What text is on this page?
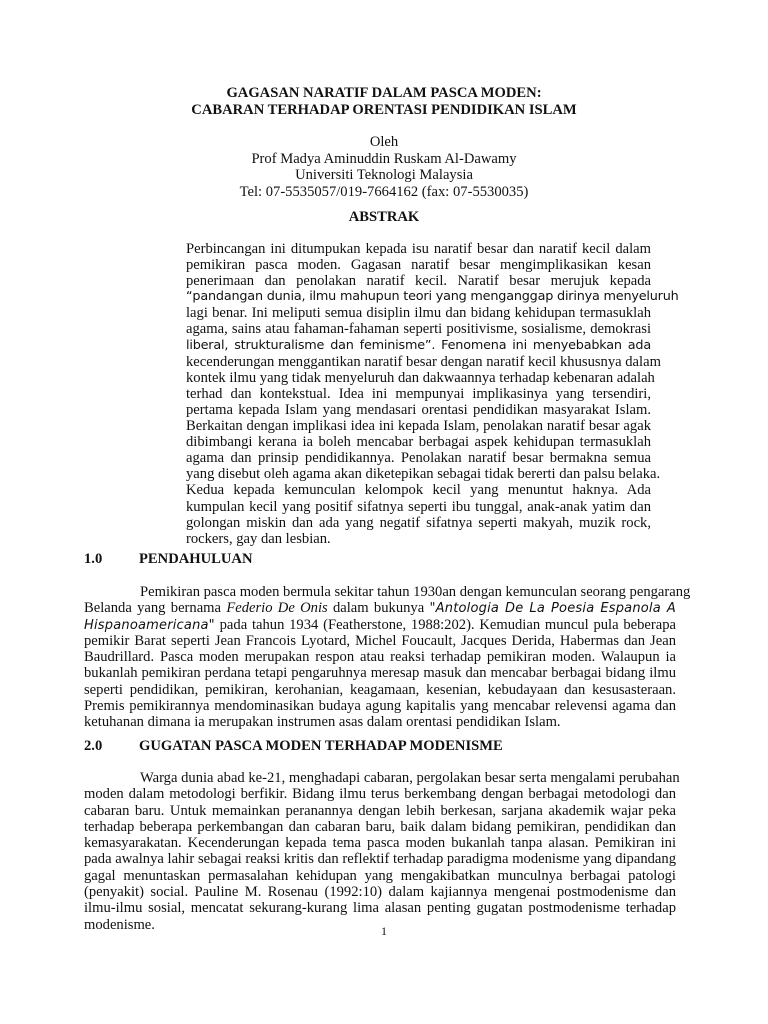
GAGASAN NARATIF DALAM PASCA MODEN:
CABARAN TERHADAP ORENTASI PENDIDIKAN ISLAM
Oleh
Prof Madya Aminuddin Ruskam Al-Dawamy
Universiti Teknologi Malaysia
Tel: 07-5535057/019-7664162 (fax: 07-5530035)
ABSTRAK
Perbincangan ini ditumpukan kepada isu naratif besar dan naratif kecil dalam
pemikiran pasca moden. Gagasan naratif besar mengimplikasikan kesan
penerimaan dan penolakan naratif kecil. Naratif besar merujuk kepada
“pandangan dunia, ilmu mahupun teori yang menganggap dirinya menyeluruh
lagi benar. Ini meliputi semua disiplin ilmu dan bidang kehidupan termasuklah
agama, sains atau fahaman-fahaman seperti positivisme, sosialisme, demokrasi
liberal, strukturalisme dan feminisme”. Fenomena ini menyebabkan ada
kecenderungan menggantikan naratif besar dengan naratif kecil khususnya dalam
kontek ilmu yang tidak menyeluruh dan dakwaannya terhadap kebenaran adalah
terhad dan kontekstual. Idea ini mempunyai implikasinya yang tersendiri,
pertama kepada Islam yang mendasari orentasi pendidikan masyarakat Islam.
Berkaitan dengan implikasi idea ini kepada Islam, penolakan naratif besar agak
dibimbangi kerana ia boleh mencabar berbagai aspek kehidupan termasuklah
agama dan prinsip pendidikannya. Penolakan naratif besar bermakna semua
yang disebut oleh agama akan diketepikan sebagai tidak bererti dan palsu belaka.
Kedua kepada kemunculan kelompok kecil yang menuntut haknya. Ada
kumpulan kecil yang positif sifatnya seperti ibu tunggal, anak-anak yatim dan
golongan miskin dan ada yang negatif sifatnya seperti makyah, muzik rock,
rockers, gay dan lesbian.
1.0	PENDAHULUAN
Pemikiran pasca moden bermula sekitar tahun 1930an dengan kemunculan seorang pengarang
Belanda yang bernama Federio De Onis dalam bukunya "Antologia De La Poesia Espanola A
Hispanoamericana" pada tahun 1934 (Featherstone, 1988:202). Kemudian muncul pula beberapa
pemikir Barat seperti Jean Francois Lyotard, Michel Foucault, Jacques Derida, Habermas dan Jean
Baudrillard. Pasca moden merupakan respon atau reaksi terhadap pemikiran moden. Walaupun ia
bukanlah pemikiran perdana tetapi pengaruhnya meresap masuk dan mencabar berbagai bidang ilmu
seperti pendidikan, pemikiran, kerohanian, keagamaan, kesenian, kebudayaan dan kesusasteraan.
Premis pemikirannya mendominasikan budaya agung kapitalis yang mencabar relevensi agama dan
ketuhanan dimana ia merupakan instrumen asas dalam orentasi pendidikan Islam.
2.0	GUGATAN PASCA MODEN TERHADAP MODENISME
Warga dunia abad ke-21, menghadapi cabaran, pergolakan besar serta mengalami perubahan
moden dalam metodologi berfikir. Bidang ilmu terus berkembang dengan berbagai metodologi dan
cabaran baru. Untuk memainkan peranannya dengan lebih berkesan, sarjana akademik wajar peka
terhadap beberapa perkembangan dan cabaran baru, baik dalam bidang pemikiran, pendidikan dan
kemasyarakatan. Kecenderungan kepada tema pasca moden bukanlah tanpa alasan. Pemikiran ini
pada awalnya lahir sebagai reaksi kritis dan reflektif terhadap paradigma modenisme yang dipandang
gagal menuntaskan permasalahan kehidupan yang mengakibatkan munculnya berbagai patologi
(penyakit) social. Pauline M. Rosenau (1992:10) dalam kajiannya mengenai postmodenisme dan
ilmu-ilmu sosial, mencatat sekurang-kurang lima alasan penting gugatan postmodenisme terhadap
modenisme.	1
